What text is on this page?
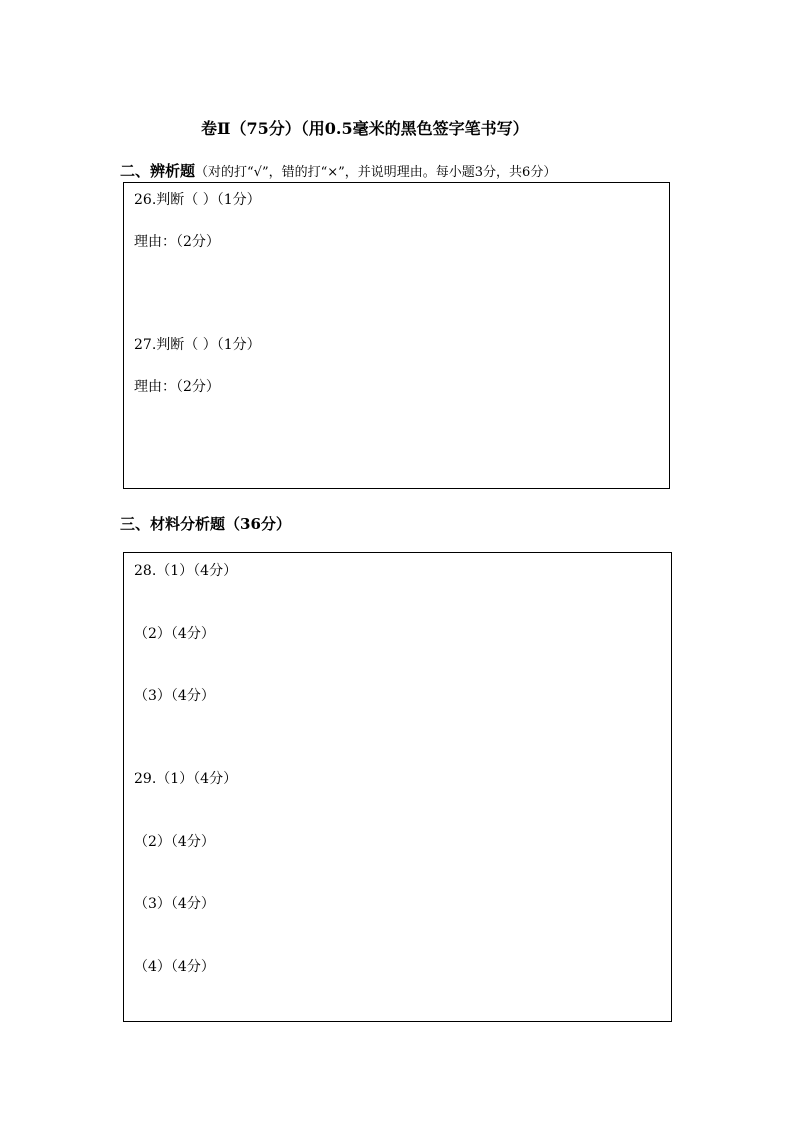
卷Ⅱ（75分）（用0.5毫米的黑色签字笔书写）
二、辨析题（对的打“√”，错的打“×”，并说明理由。每小题3分，共6分）
26.判断（ ）（1分）
理由：（2分）
27.判断（ ）（1分）
理由：（2分）
三、材料分析题（36分）
28.（1）（4分）
（2）（4分）
（3）（4分）
29.（1）（4分）
（2）（4分）
（3）（4分）
（4）（4分）
